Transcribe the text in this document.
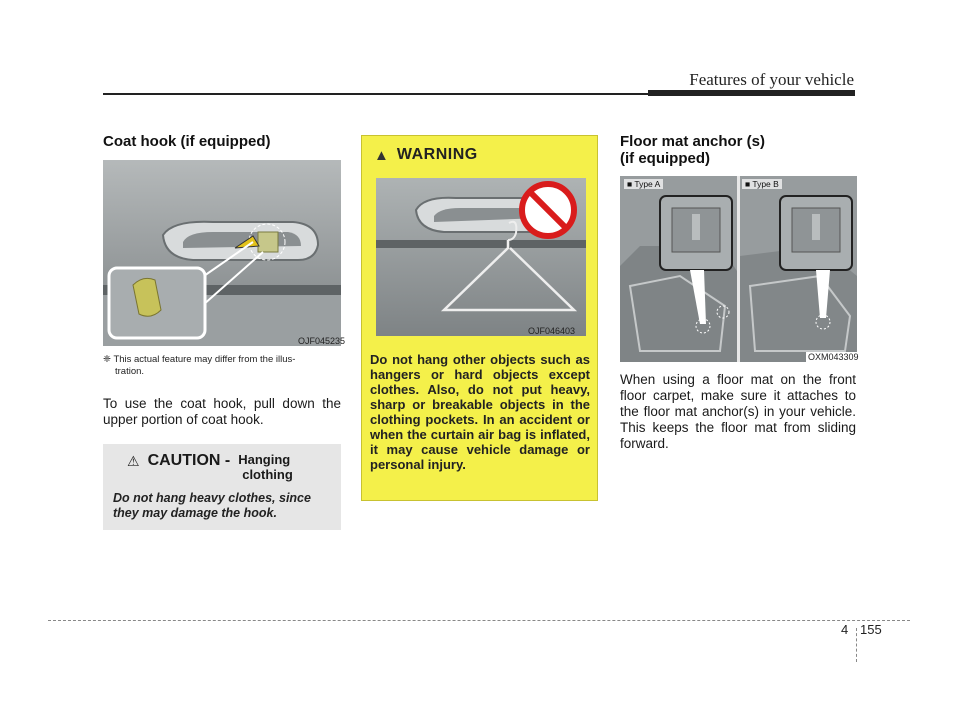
Features of your vehicle
Coat hook (if equipped)
OJF045235
❈ This actual feature may differ from the illus-
tration.
To use the coat hook, pull down the upper portion of coat hook.
⚠ CAUTION - Hanging
clothing
Do not hang heavy clothes, since they may damage the hook.
▲ WARNING
OJF046403
Do not hang other objects such as hangers or hard objects except clothes. Also, do not put heavy, sharp or breakable objects in the clothing pockets. In an accident or when the curtain air bag is inflated, it may cause vehicle damage or personal injury.
Floor mat anchor (s)
(if equipped)
■ Type A	■ Type B
OXM043309
When using a floor mat on the front floor carpet, make sure it attaches to the floor mat anchor(s) in your vehicle. This keeps the floor mat from sliding forward.
4 155
